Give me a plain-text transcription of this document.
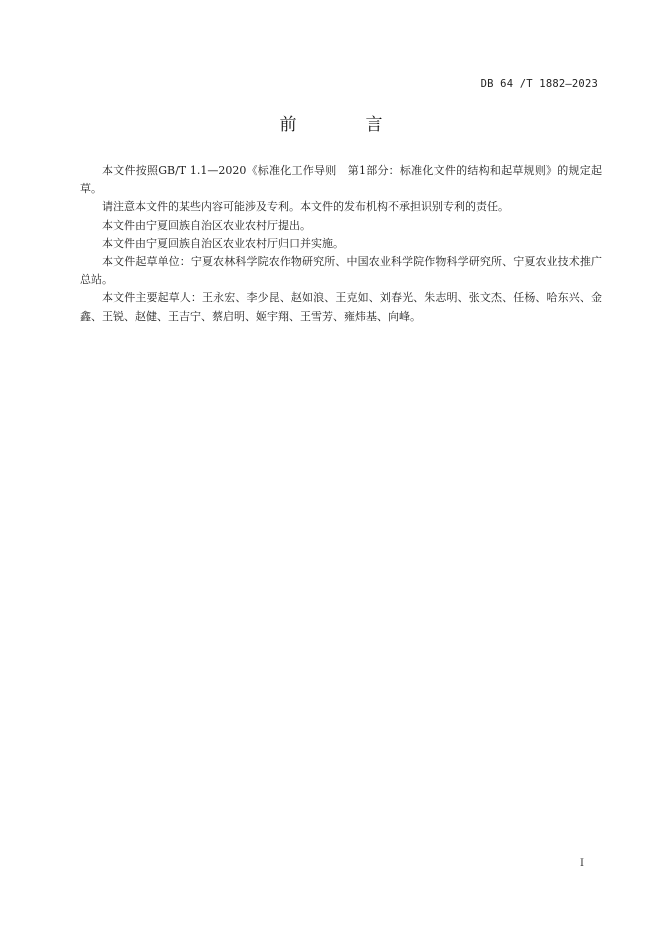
DB 64 /T 1882—2023
前　言

本文件按照GB/T 1.1—2020《标准化工作导则　第1部分：标准化文件的结构和起草规则》的规定起草。

请注意本文件的某些内容可能涉及专利。本文件的发布机构不承担识别专利的责任。

本文件由宁夏回族自治区农业农村厅提出。

本文件由宁夏回族自治区农业农村厅归口并实施。

本文件起草单位：宁夏农林科学院农作物研究所、中国农业科学院作物科学研究所、宁夏农业技术推广总站。

本文件主要起草人：王永宏、李少昆、赵如浪、王克如、刘春光、朱志明、张文杰、任杨、哈东兴、金鑫、王锐、赵健、王吉宁、蔡启明、姬宇翔、王雪芳、雍炜基、向峰。

I
